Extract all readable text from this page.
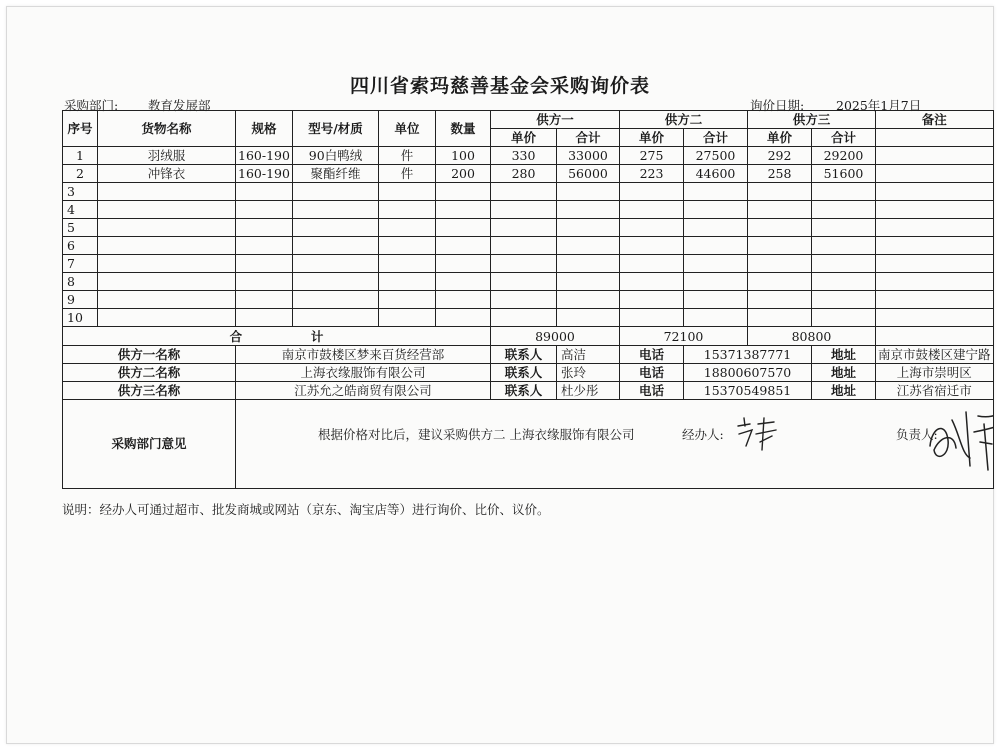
四川省索玛慈善基金会采购询价表
采购部门: 教育发展部	询价日期:	2025年1月7日
序号	货物名称	规格	型号/材质	单位	数量	供方一		供方二		供方三		备注
						单价	合计	单价	合计	单价	合计	
1	羽绒服	160-190	90白鸭绒	件	100	330	33000	275	27500	292	29200	
2	冲锋衣	160-190	聚酯纤维	件	200	280	56000	223	44600	258	51600	
3												
4												
5												
6												
7												
8												
9												
10												
合 计						89000		72100		80800		
供方一名称		南京市鼓楼区梦来百货经营部				联系人	高洁	电话	15371387771		地址	南京市鼓楼区建宁路
供方二名称		上海衣缘服饰有限公司				联系人	张玲	电话	18800607570		地址	上海市崇明区
供方三名称		江苏允之皓商贸有限公司				联系人	杜少彤	电话	15370549851		地址	江苏省宿迁市
采购部门意见		根据价格对比后，建议采购供方二 上海衣缘服饰有限公司 经办人: 负责人:										
说明：经办人可通过超市、批发商城或网站（京东、淘宝店等）进行询价、比价、议价。
